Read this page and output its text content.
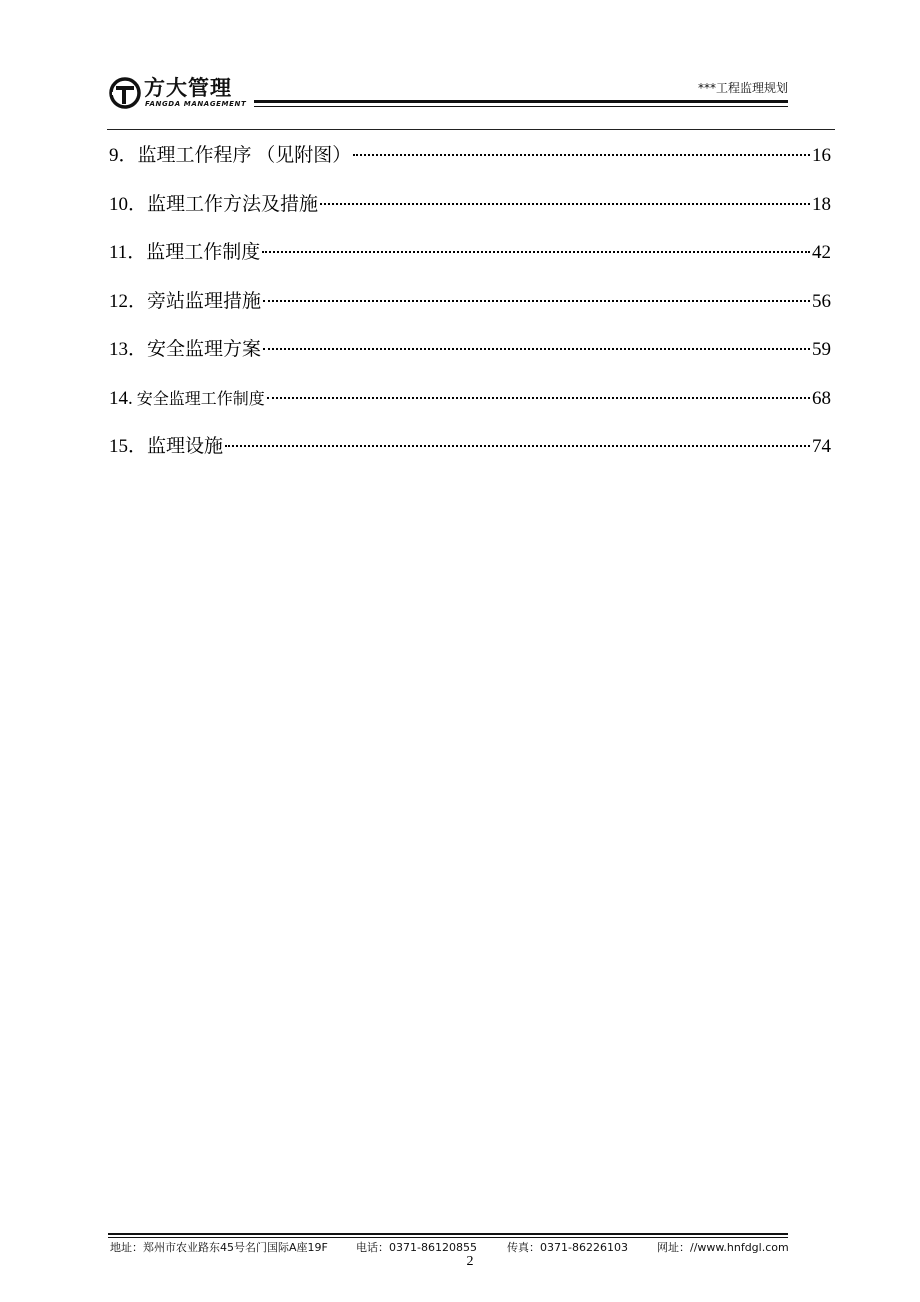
方大管理
FANGDA MANAGEMENT
***工程监理规划
9． 监理工作程序 （见附图）	16
10． 监理工作方法及措施	18
11． 监理工作制度	42
12． 旁站监理措施	56
13． 安全监理方案	59
14. 安全监理工作制度	68
15． 监理设施	74
地址：郑州市农业路东45号名门国际A座19F	电话：0371-86120855	传真：0371-86226103	网址：//www.hnfdgl.com
2
